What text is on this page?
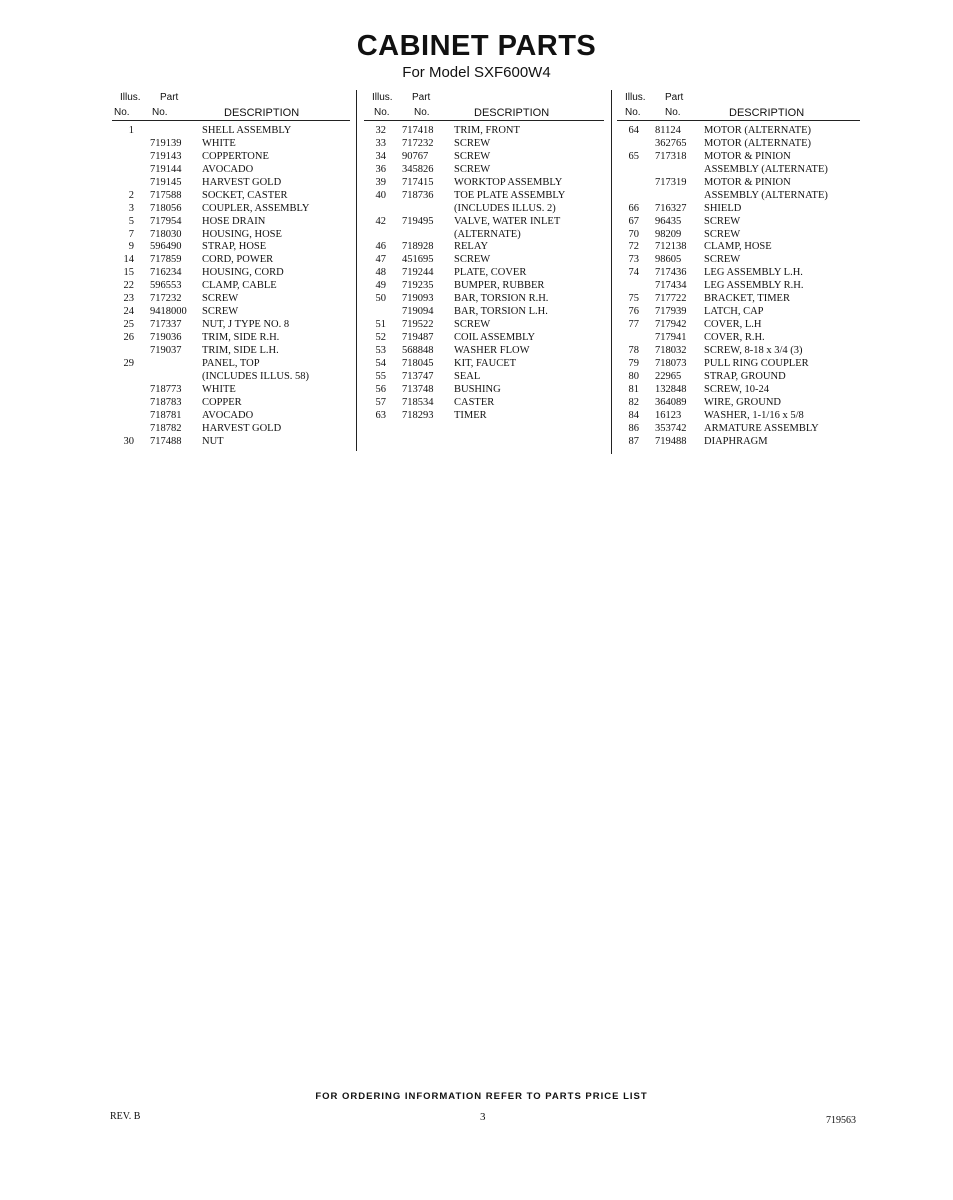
CABINET PARTS
For Model SXF600W4
Illus. Part
No. No.	DESCRIPTION
1	SHELL ASSEMBLY
719139 WHITE
719143 COPPERTONE
719144 AVOCADO
719145 HARVEST GOLD
2 717588 SOCKET, CASTER
3 718056 COUPLER, ASSEMBLY
5 717954 HOSE DRAIN
7 718030 HOUSING, HOSE
9 596490 STRAP, HOSE
14 717859 CORD, POWER
15 716234 HOUSING, CORD
22 596553 CLAMP, CABLE
23 717232 SCREW
24 9418000 SCREW
25 717337 NUT, J TYPE NO. 8
26 719036 TRIM, SIDE R.H.
719037 TRIM, SIDE L.H.
29	PANEL, TOP
(INCLUDES ILLUS. 58)
718773 WHITE
718783 COPPER
718781 AVOCADO
718782 HARVEST GOLD
30 717488 NUT
Illus. Part
No. No.	DESCRIPTION
32 717418 TRIM, FRONT
33 717232 SCREW
34 90767 SCREW
36 345826 SCREW
39 717415 WORKTOP ASSEMBLY
40 718736 TOE PLATE ASSEMBLY
(INCLUDES ILLUS. 2)
42 719495 VALVE, WATER INLET
(ALTERNATE)
46 718928 RELAY
47 451695 SCREW
48 719244 PLATE, COVER
49 719235 BUMPER, RUBBER
50 719093 BAR, TORSION R.H.
719094 BAR, TORSION L.H.
51 719522 SCREW
52 719487 COIL ASSEMBLY
53 568848 WASHER FLOW
54 718045 KIT, FAUCET
55 713747 SEAL
56 713748 BUSHING
57 718534 CASTER
63 718293 TIMER
Illus. Part
No. No.	DESCRIPTION
64 81124 MOTOR (ALTERNATE)
362765 MOTOR (ALTERNATE)
65 717318 MOTOR & PINION
ASSEMBLY (ALTERNATE)
717319 MOTOR & PINION
ASSEMBLY (ALTERNATE)
66 716327 SHIELD
67 96435 SCREW
70 98209 SCREW
72 712138 CLAMP, HOSE
73 98605 SCREW
74 717436 LEG ASSEMBLY L.H.
717434 LEG ASSEMBLY R.H.
75 717722 BRACKET, TIMER
76 717939 LATCH, CAP
77 717942 COVER, L.H
717941 COVER, R.H.
78 718032 SCREW, 8-18 x 3/4 (3)
79 718073 PULL RING COUPLER
80 22965 STRAP, GROUND
81 132848 SCREW, 10-24
82 364089 WIRE, GROUND
84 16123 WASHER, 1-1/16 x 5/8
86 353742 ARMATURE ASSEMBLY
87 719488 DIAPHRAGM
FOR ORDERING INFORMATION REFER TO PARTS PRICE LIST
REV. B	3	719563
